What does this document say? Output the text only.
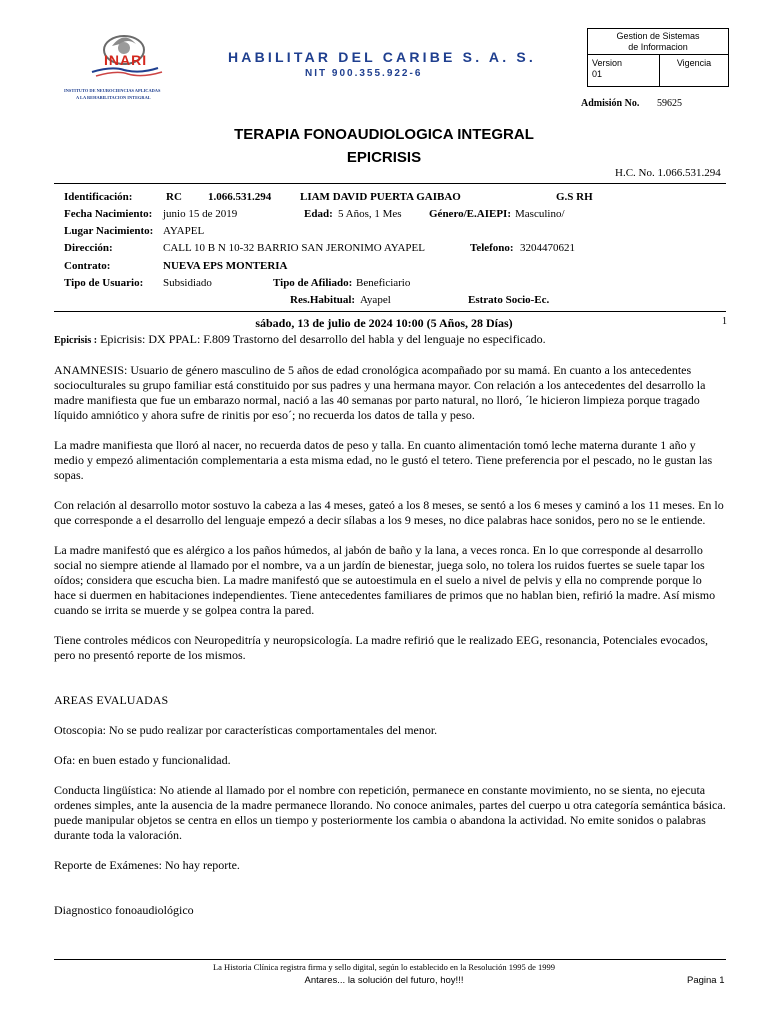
INARI
INSTITUTO DE NEUROCIENCIAS APLICADAS
A LA REHABILITACION INTEGRAL
HABILITAR DEL CARIBE S. A. S.
NIT 900.355.922-6
Gestion de Sistemas
de Informacion
Version
01
Vigencia
Admisión No. 59625
TERAPIA FONOAUDIOLOGICA INTEGRAL
EPICRISIS
H.C. No. 1.066.531.294
Identificación:	RC 1.066.531.294	LIAM DAVID PUERTA GAIBAO	G.S RH
Fecha Nacimiento: junio 15 de 2019	Edad: 5 Años, 1 Mes Género/E.AIEPI: Masculino/
Lugar Nacimiento: AYAPEL
Dirección:	CALL 10 B N 10-32 BARRIO SAN JERONIMO AYAPEL	Telefono: 3204470621
Contrato:	NUEVA EPS MONTERIA
Tipo de Usuario: Subsidiado	Tipo de Afiliado: Beneficiario
Res.Habitual: Ayapel	Estrato Socio-Ec.
sábado, 13 de julio de 2024 10:00 (5 Años, 28 Días)	1

Epicrisis : Epicrisis: DX PPAL: F.809 Trastorno del desarrollo del habla y del lenguaje no especificado.

ANAMNESIS: Usuario de género masculino de 5 años de edad cronológica acompañado por su mamá. En cuanto a los antecedentes socioculturales su grupo familiar está constituido por sus padres y una hermana mayor. Con relación a los antecedentes del desarrollo la madre manifiesta que fue un embarazo normal, nació a las 40 semanas por parto natural, no lloró, ´le hicieron limpieza porque tragado líquido amniótico y ahora sufre de rinitis por eso´; no recuerda los datos de talla y peso.

La madre manifiesta que lloró al nacer, no recuerda datos de peso y talla. En cuanto alimentación tomó leche materna durante 1 año y medio y empezó alimentación complementaria a esta misma edad, no le gustó el tetero. Tiene preferencia por el pescado, no le gustan las sopas.

Con relación al desarrollo motor sostuvo la cabeza a las 4 meses, gateó a los 8 meses, se sentó a los 6 meses y caminó a los 11 meses. En lo que corresponde a el desarrollo del lenguaje empezó a decir sílabas a los 9 meses, no dice palabras hace sonidos, pero no se le entiende.

La madre manifestó que es alérgico a los paños húmedos, al jabón de baño y la lana, a veces ronca. En lo que corresponde al desarrollo social no siempre atiende al llamado por el nombre, va a un jardín de bienestar, juega solo, no tolera los ruidos fuertes se suele tapar los oídos; considera que escucha bien. La madre manifestó que se autoestimula en el suelo a nivel de pelvis y ella no comprende porque lo hace si duermen en habitaciones independientes. Tiene antecedentes familiares de primos que no hablan bien, refirió la madre. Así mismo cuando se irrita se muerde y se golpea contra la pared.

Tiene controles médicos con Neuropeditría y neuropsicología. La madre refirió que le realizado EEG, resonancia, Potenciales evocados, pero no presentó reporte de los mismos.

AREAS EVALUADAS

Otoscopia: No se pudo realizar por características comportamentales del menor.

Ofa: en buen estado y funcionalidad.

Conducta lingüística: No atiende al llamado por el nombre con repetición, permanece en constante movimiento, no se sienta, no ejecuta ordenes simples, ante la ausencia de la madre permanece llorando. No conoce animales, partes del cuerpo u otra categoría semántica básica. puede manipular objetos se centra en ellos un tiempo y posteriormente los cambia o abandona la actividad. No emite sonidos o palabras durante toda la valoración.

Reporte de Exámenes: No hay reporte.

Diagnostico fonoaudiológico

La Historia Clínica registra firma y sello digital, según lo establecido en la Resolución 1995 de 1999
Antares... la solución del futuro, hoy!!!	Pagina 1
